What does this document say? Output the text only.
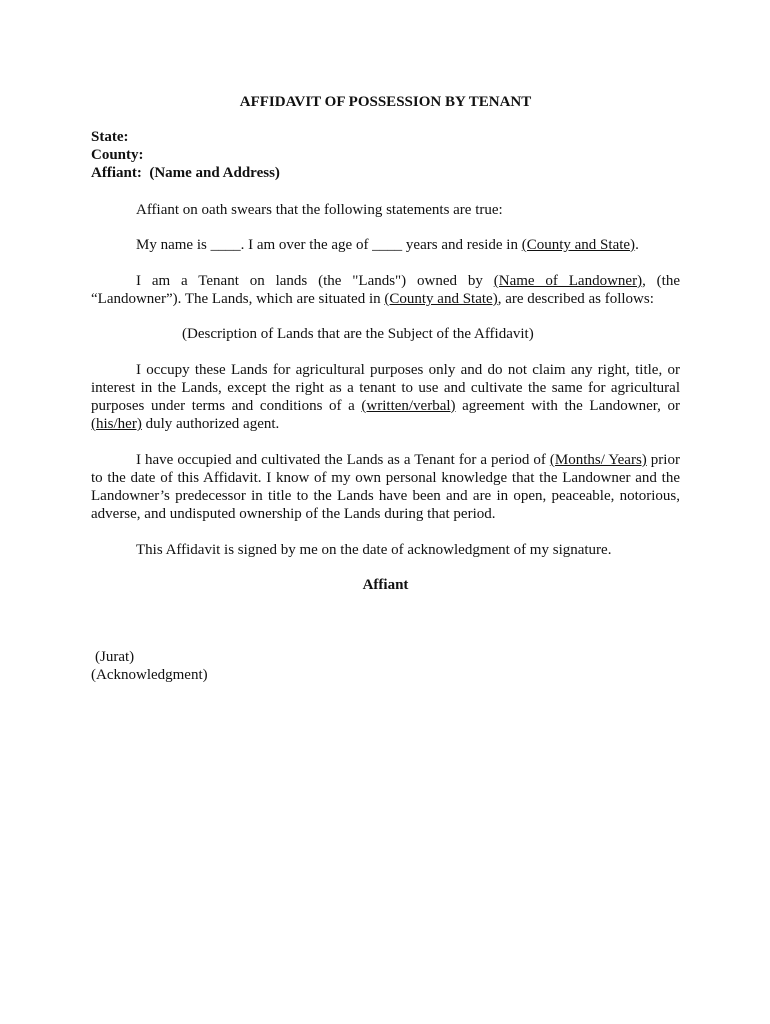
AFFIDAVIT OF POSSESSION BY TENANT
State:
County:
Affiant: (Name and Address)
Affiant on oath swears that the following statements are true:
My name is ____. I am over the age of ____ years and reside in (County and State).
I am a Tenant on lands (the "Lands") owned by (Name of Landowner), (the “Landowner”). The Lands, which are situated in (County and State), are described as follows:
(Description of Lands that are the Subject of the Affidavit)
I occupy these Lands for agricultural purposes only and do not claim any right, title, or interest in the Lands, except the right as a tenant to use and cultivate the same for agricultural purposes under terms and conditions of a (written/verbal) agreement with the Landowner, or (his/her) duly authorized agent.
I have occupied and cultivated the Lands as a Tenant for a period of (Months/ Years) prior to the date of this Affidavit. I know of my own personal knowledge that the Landowner and the Landowner’s predecessor in title to the Lands have been and are in open, peaceable, notorious, adverse, and undisputed ownership of the Lands during that period.
This Affidavit is signed by me on the date of acknowledgment of my signature.
Affiant
(Jurat)
(Acknowledgment)
